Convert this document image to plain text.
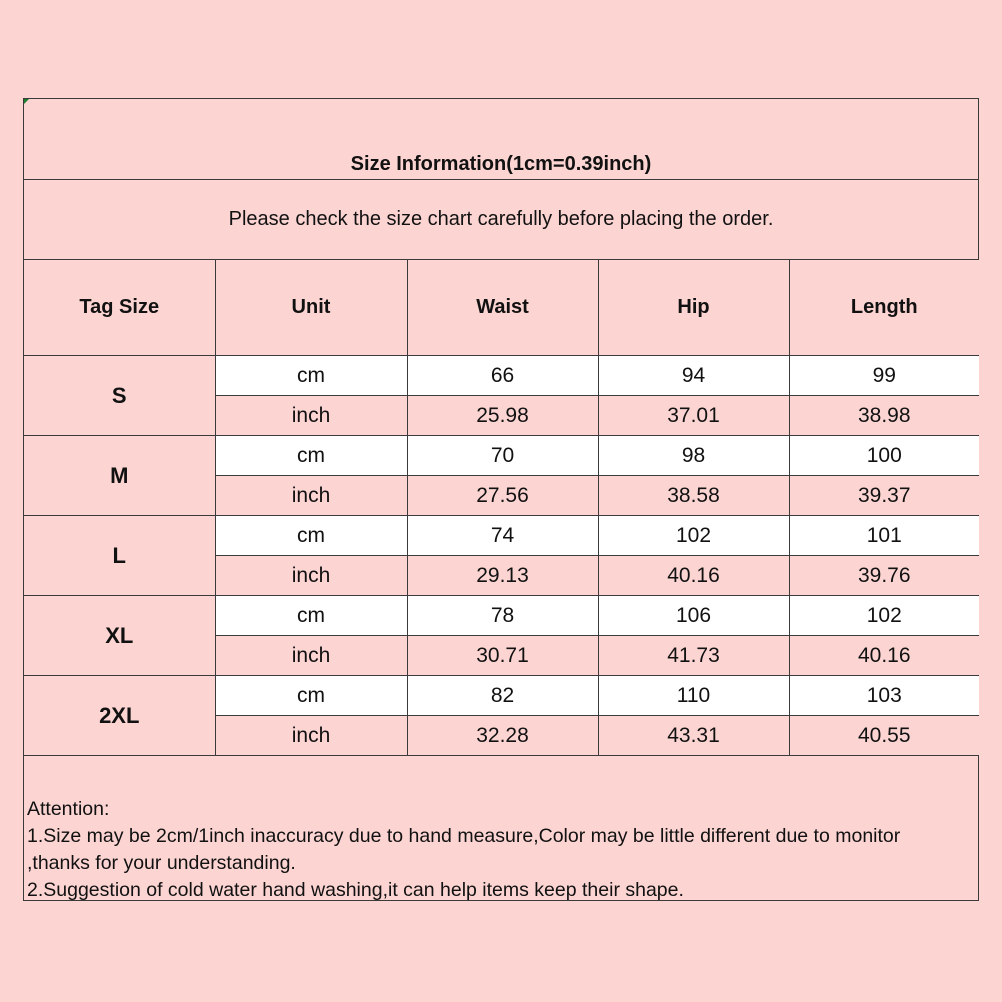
Size Information(1cm=0.39inch)
Please check the size chart carefully before placing the order.
Tag Size	Unit	Waist	Hip	Length
S	cm	66	94	99
	inch	25.98	37.01	38.98
M	cm	70	98	100
	inch	27.56	38.58	39.37
L	cm	74	102	101
	inch	29.13	40.16	39.76
XL	cm	78	106	102
	inch	30.71	41.73	40.16
2XL	cm	82	110	103
	inch	32.28	43.31	40.55
Attention:
1.Size may be 2cm/1inch inaccuracy due to hand measure,Color may be little different due to monitor
,thanks for your understanding.
2.Suggestion of cold water hand washing,it can help items keep their shape.
